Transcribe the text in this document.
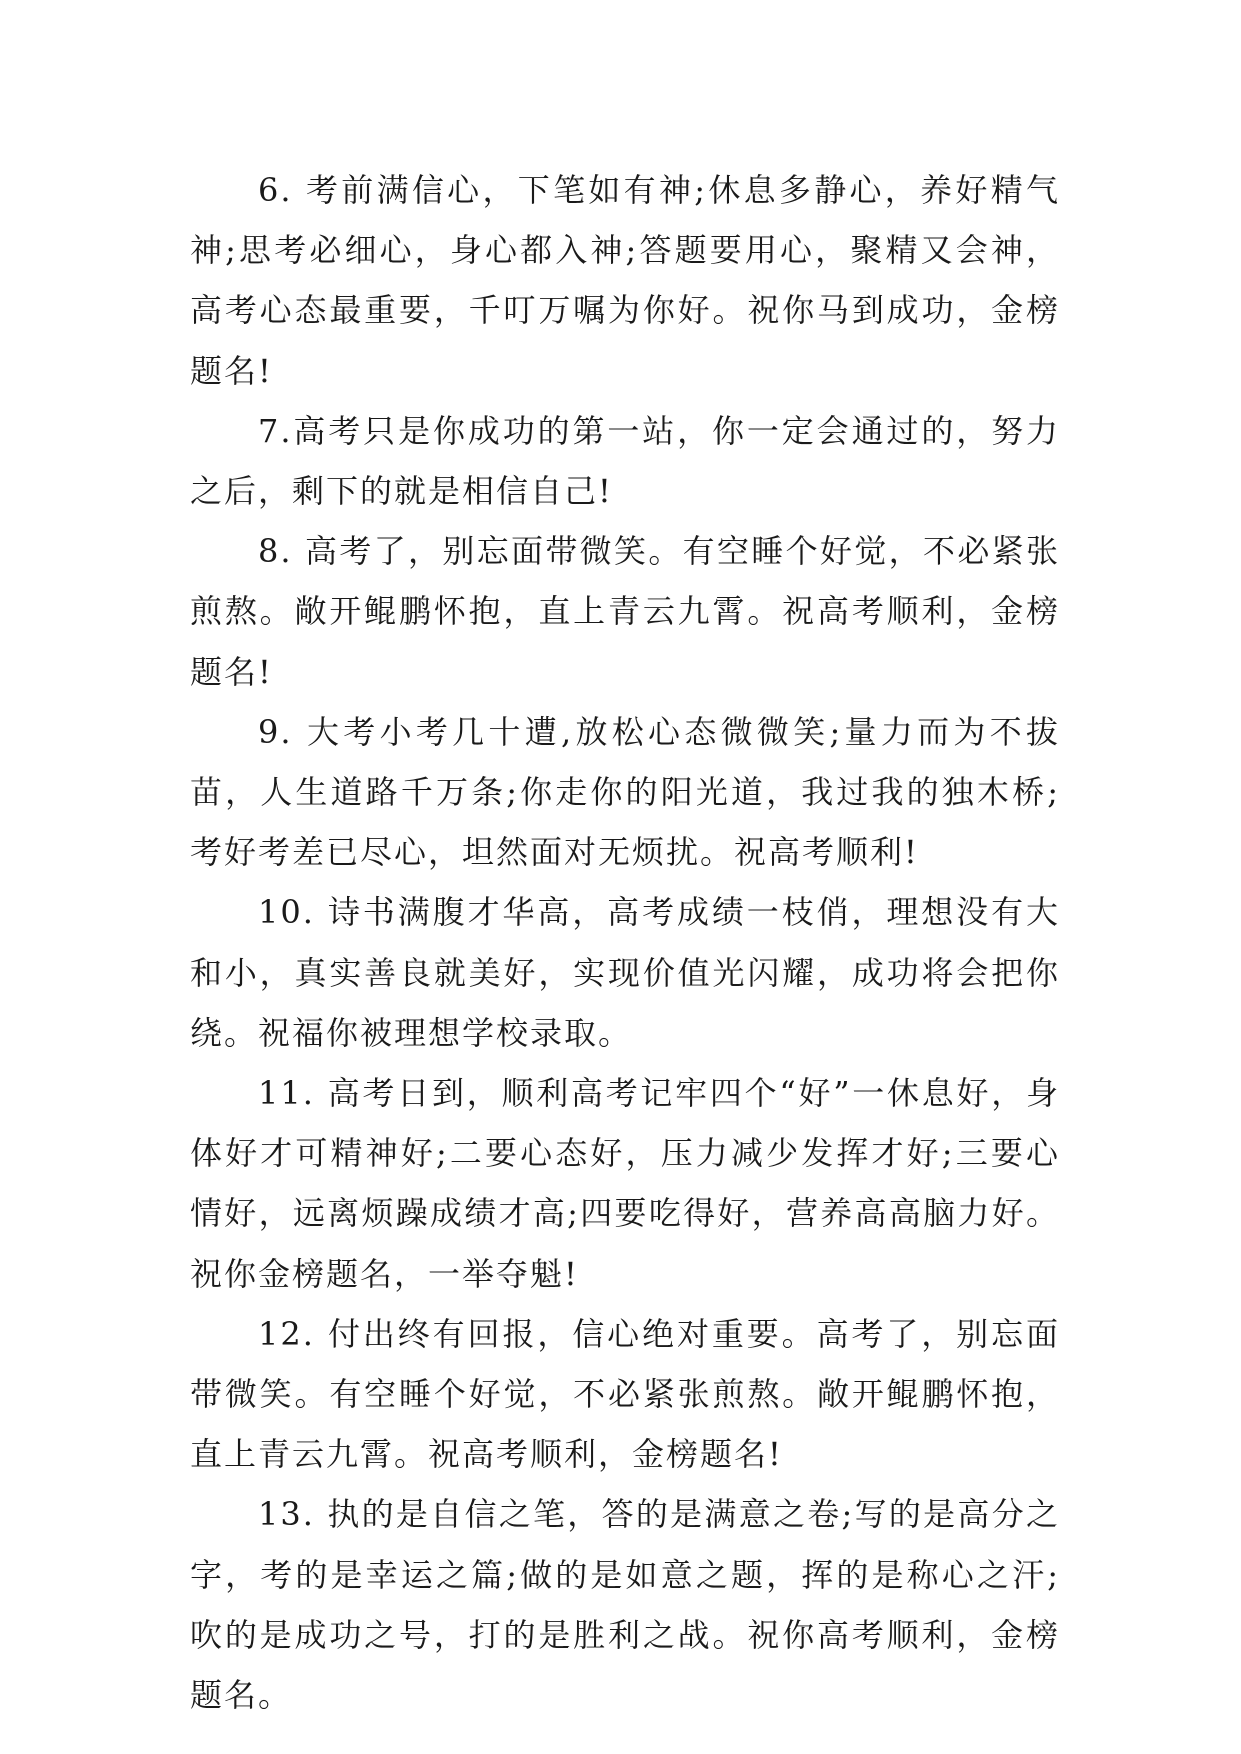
6. 考前满信心，下笔如有神;休息多静心，养好精气神;思考必细心，身心都入神;答题要用心，聚精又会神，高考心态最重要，千叮万嘱为你好。祝你马到成功，金榜题名!

7.高考只是你成功的第一站，你一定会通过的，努力之后，剩下的就是相信自己!

8. 高考了，别忘面带微笑。有空睡个好觉，不必紧张煎熬。敞开鲲鹏怀抱，直上青云九霄。祝高考顺利，金榜题名!

9. 大考小考几十遭,放松心态微微笑;量力而为不拔苗，人生道路千万条;你走你的阳光道，我过我的独木桥;考好考差已尽心，坦然面对无烦扰。祝高考顺利!

10. 诗书满腹才华高，高考成绩一枝俏，理想没有大和小，真实善良就美好，实现价值光闪耀，成功将会把你绕。祝福你被理想学校录取。

11. 高考日到，顺利高考记牢四个“好”一休息好，身体好才可精神好;二要心态好，压力减少发挥才好;三要心情好，远离烦躁成绩才高;四要吃得好，营养高高脑力好。祝你金榜题名，一举夺魁!

12. 付出终有回报，信心绝对重要。高考了，别忘面带微笑。有空睡个好觉，不必紧张煎熬。敞开鲲鹏怀抱，直上青云九霄。祝高考顺利，金榜题名!

13. 执的是自信之笔，答的是满意之卷;写的是高分之字，考的是幸运之篇;做的是如意之题，挥的是称心之汗;吹的是成功之号，打的是胜利之战。祝你高考顺利，金榜题名。
